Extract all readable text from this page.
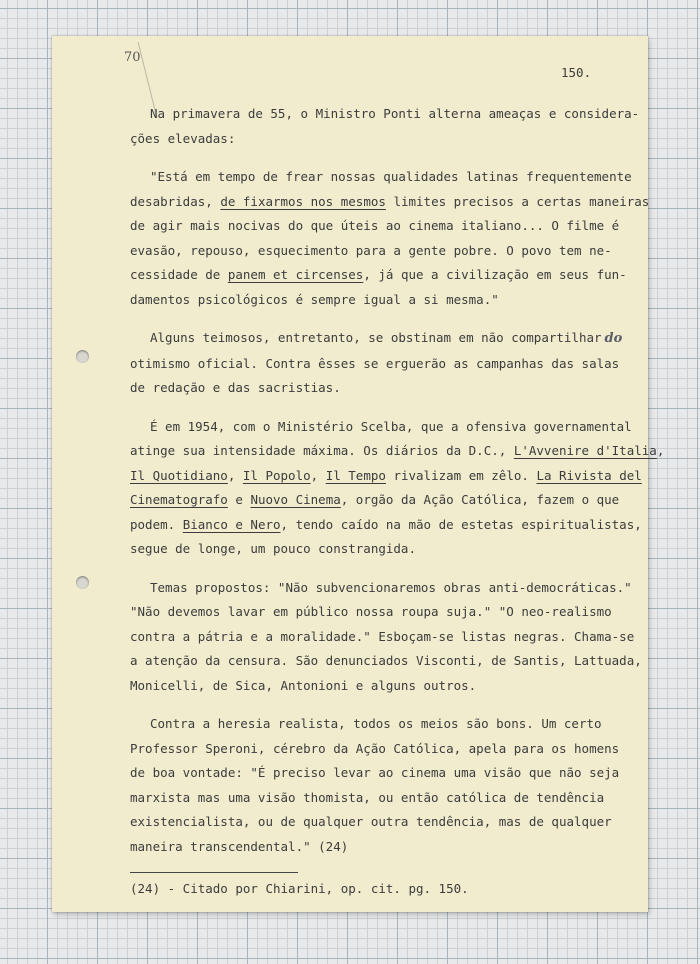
70
150.
Na primavera de 55, o Ministro Ponti alterna ameaças e considera-
ções elevadas:
"Está em tempo de frear nossas qualidades latinas frequentemente
desabridas, de fixarmos nos mesmos limites precisos a certas maneiras
de agir mais nocivas do que úteis ao cinema italiano... O filme é
evasão, repouso, esquecimento para a gente pobre. O povo tem ne-
cessidade de panem et circenses, já que a civilização em seus fun-
damentos psicológicos é sempre igual a si mesma."
Alguns teimosos, entretanto, se obstinam em não compartilhar do
otimismo oficial. Contra êsses se erguerão as campanhas das salas
de redação e das sacristias.
É em 1954, com o Ministério Scelba, que a ofensiva governamental
atinge sua intensidade máxima. Os diários da D.C., L'Avvenire d'Italia,
Il Quotidiano, Il Popolo, Il Tempo rivalizam em zêlo. La Rivista del
Cinematografo e Nuovo Cinema, orgão da Ação Católica, fazem o que
podem. Bianco e Nero, tendo caído na mão de estetas espiritualistas,
segue de longe, um pouco constrangida.
Temas propostos: "Não subvencionaremos obras anti-democráticas."
"Não devemos lavar em público nossa roupa suja." "O neo-realismo
contra a pátria e a moralidade." Esboçam-se listas negras. Chama-se
a atenção da censura. São denunciados Visconti, de Santis, Lattuada,
Monicelli, de Sica, Antonioni e alguns outros.
Contra a heresia realista, todos os meios são bons. Um certo
Professor Speroni, cérebro da Ação Católica, apela para os homens
de boa vontade: "É preciso levar ao cinema uma visão que não seja
marxista mas uma visão thomista, ou então católica de tendência
existencialista, ou de qualquer outra tendência, mas de qualquer
maneira transcendental." (24)
(24) - Citado por Chiarini, op. cit. pg. 150.
